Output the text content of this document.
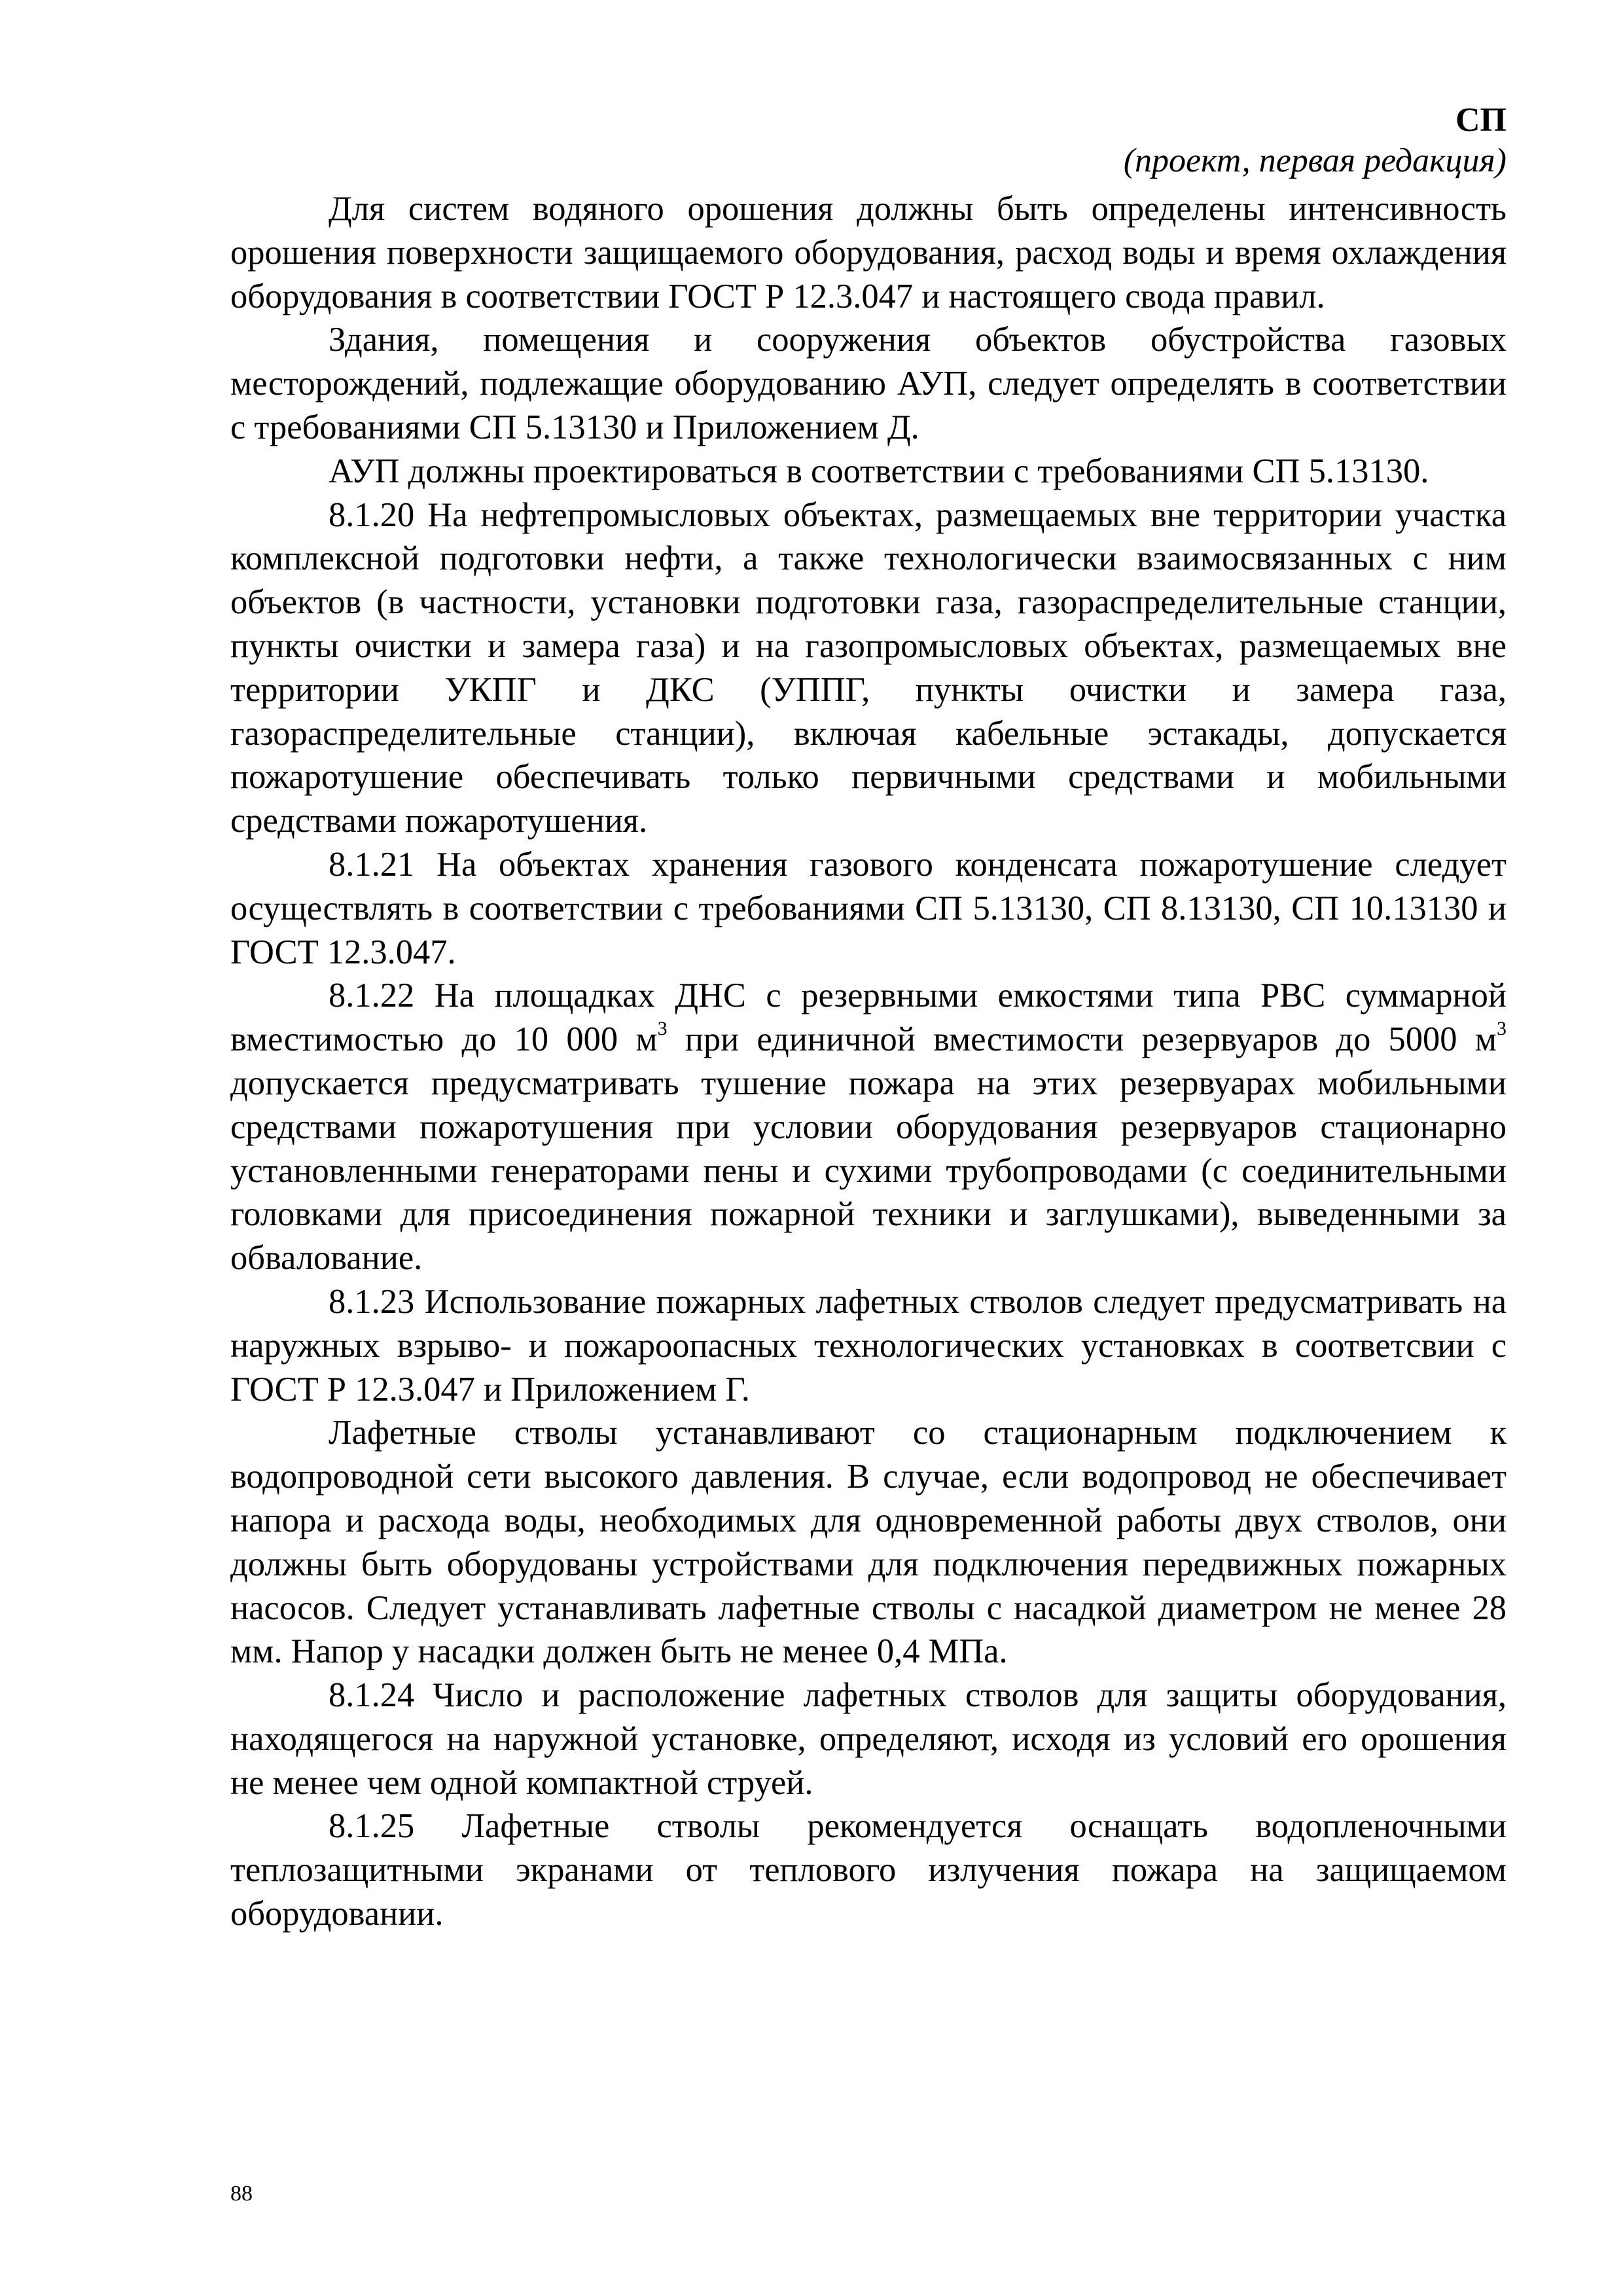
СП
(проект, первая редакция)

Для систем водяного орошения должны быть определены интенсивность орошения поверхности защищаемого оборудования, расход воды и время охлаждения оборудования в соответствии ГОСТ Р 12.3.047 и настоящего свода правил.

Здания, помещения и сооружения объектов обустройства газовых месторождений, подлежащие оборудованию АУП, следует определять в соответствии с требованиями СП 5.13130 и Приложением Д.

АУП должны проектироваться в соответствии с требованиями СП 5.13130.

8.1.20 На нефтепромысловых объектах, размещаемых вне территории участка комплексной подготовки нефти, а также технологически взаимосвязанных с ним объектов (в частности, установки подготовки газа, газораспределительные станции, пункты очистки и замера газа) и на газопромысловых объектах, размещаемых вне территории УКПГ и ДКС (УППГ, пункты очистки и замера газа, газораспределительные станции), включая кабельные эстакады, допускается пожаротушение обеспечивать только первичными средствами и мобильными средствами пожаротушения.

8.1.21 На объектах хранения газового конденсата пожаротушение следует осуществлять в соответствии с требованиями СП 5.13130, СП 8.13130, СП 10.13130 и ГОСТ 12.3.047.

8.1.22 На площадках ДНС с резервными емкостями типа РВС суммарной вместимостью до 10 000 $м^3$ при единичной вместимости резервуаров до 5000 $м^3$ допускается предусматривать тушение пожара на этих резервуарах мобильными средствами пожаротушения при условии оборудования резервуаров стационарно установленными генераторами пены и сухими трубопроводами (с соединительными головками для присоединения пожарной техники и заглушками), выведенными за обвалование.

8.1.23 Использование пожарных лафетных стволов следует предусматривать на наружных взрыво- и пожароопасных технологических установках в соответсвии с ГОСТ Р 12.3.047 и Приложением Г.

Лафетные стволы устанавливают со стационарным подключением к водопроводной сети высокого давления. В случае, если водопровод не обеспечивает напора и расхода воды, необходимых для одновременной работы двух стволов, они должны быть оборудованы устройствами для подключения передвижных пожарных насосов. Следует устанавливать лафетные стволы с насадкой диаметром не менее 28 мм. Напор у насадки должен быть не менее 0,4 МПа.

8.1.24 Число и расположение лафетных стволов для защиты оборудования, находящегося на наружной установке, определяют, исходя из условий его орошения не менее чем одной компактной струей.

8.1.25 Лафетные стволы рекомендуется оснащать водопленочными теплозащитными экранами от теплового излучения пожара на защищаемом оборудовании.

88
